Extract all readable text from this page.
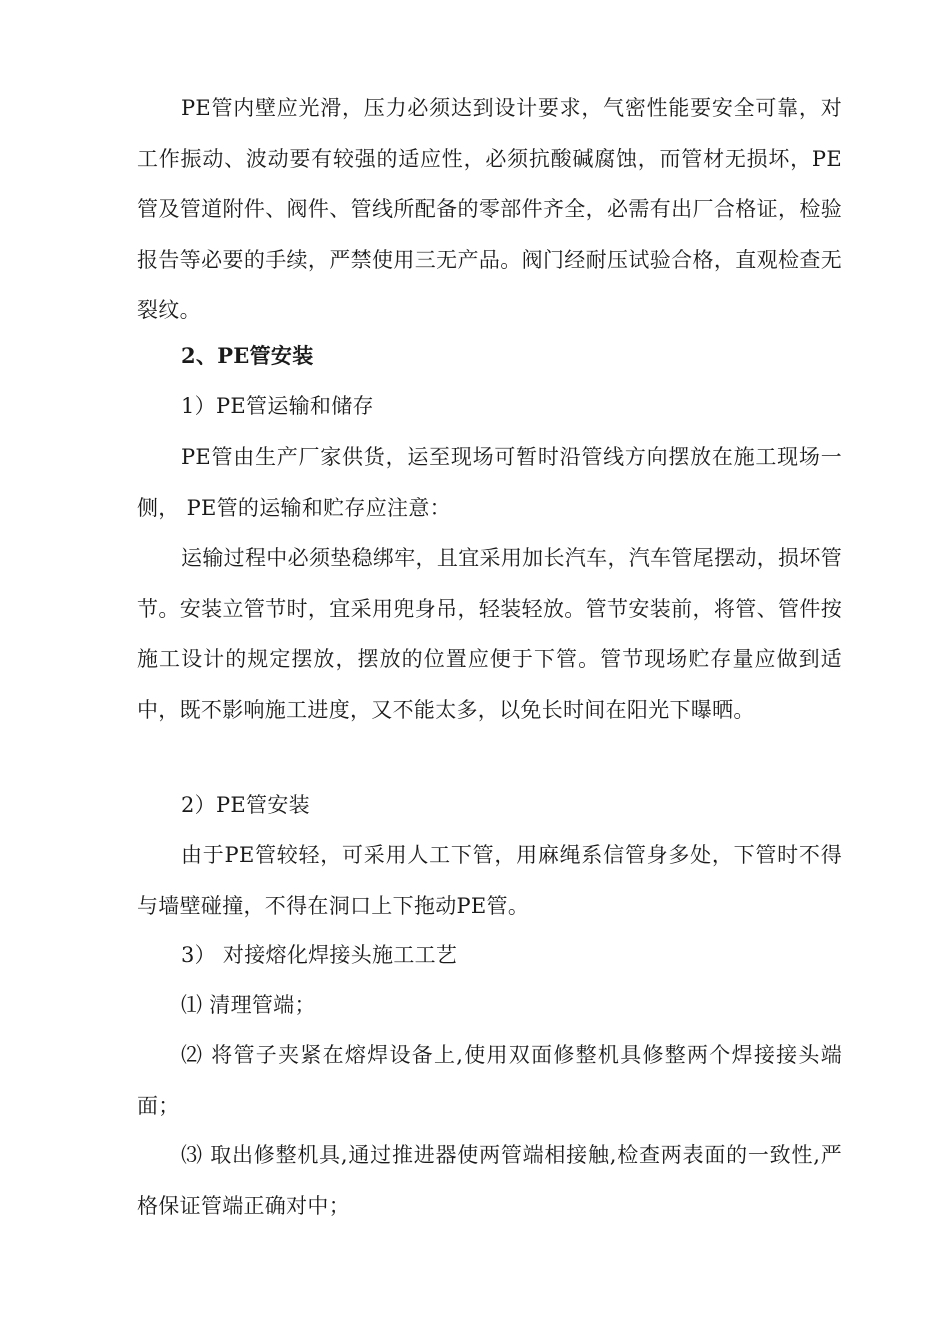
PE管内壁应光滑，压力必须达到设计要求，气密性能要安全可靠，对工作振动、波动要有较强的适应性，必须抗酸碱腐蚀，而管材无损坏，PE管及管道附件、阀件、管线所配备的零部件齐全，必需有出厂合格证，检验报告等必要的手续，严禁使用三无产品。阀门经耐压试验合格，直观检查无裂纹。

2、PE管安装

1）PE管运输和储存

PE管由生产厂家供货，运至现场可暂时沿管线方向摆放在施工现场一侧， PE管的运输和贮存应注意：

运输过程中必须垫稳绑牢，且宜采用加长汽车，汽车管尾摆动，损坏管节。安装立管节时，宜采用兜身吊，轻装轻放。管节安装前，将管、管件按施工设计的规定摆放，摆放的位置应便于下管。管节现场贮存量应做到适中，既不影响施工进度，又不能太多，以免长时间在阳光下曝晒。

2）PE管安装

由于PE管较轻，可采用人工下管，用麻绳系信管身多处，下管时不得与墙壁碰撞，不得在洞口上下拖动PE管。

3） 对接熔化焊接头施工工艺

⑴ 清理管端；

⑵ 将管子夹紧在熔焊设备上,使用双面修整机具修整两个焊接接头端面；

⑶ 取出修整机具,通过推进器使两管端相接触,检查两表面的一致性,严格保证管端正确对中；
